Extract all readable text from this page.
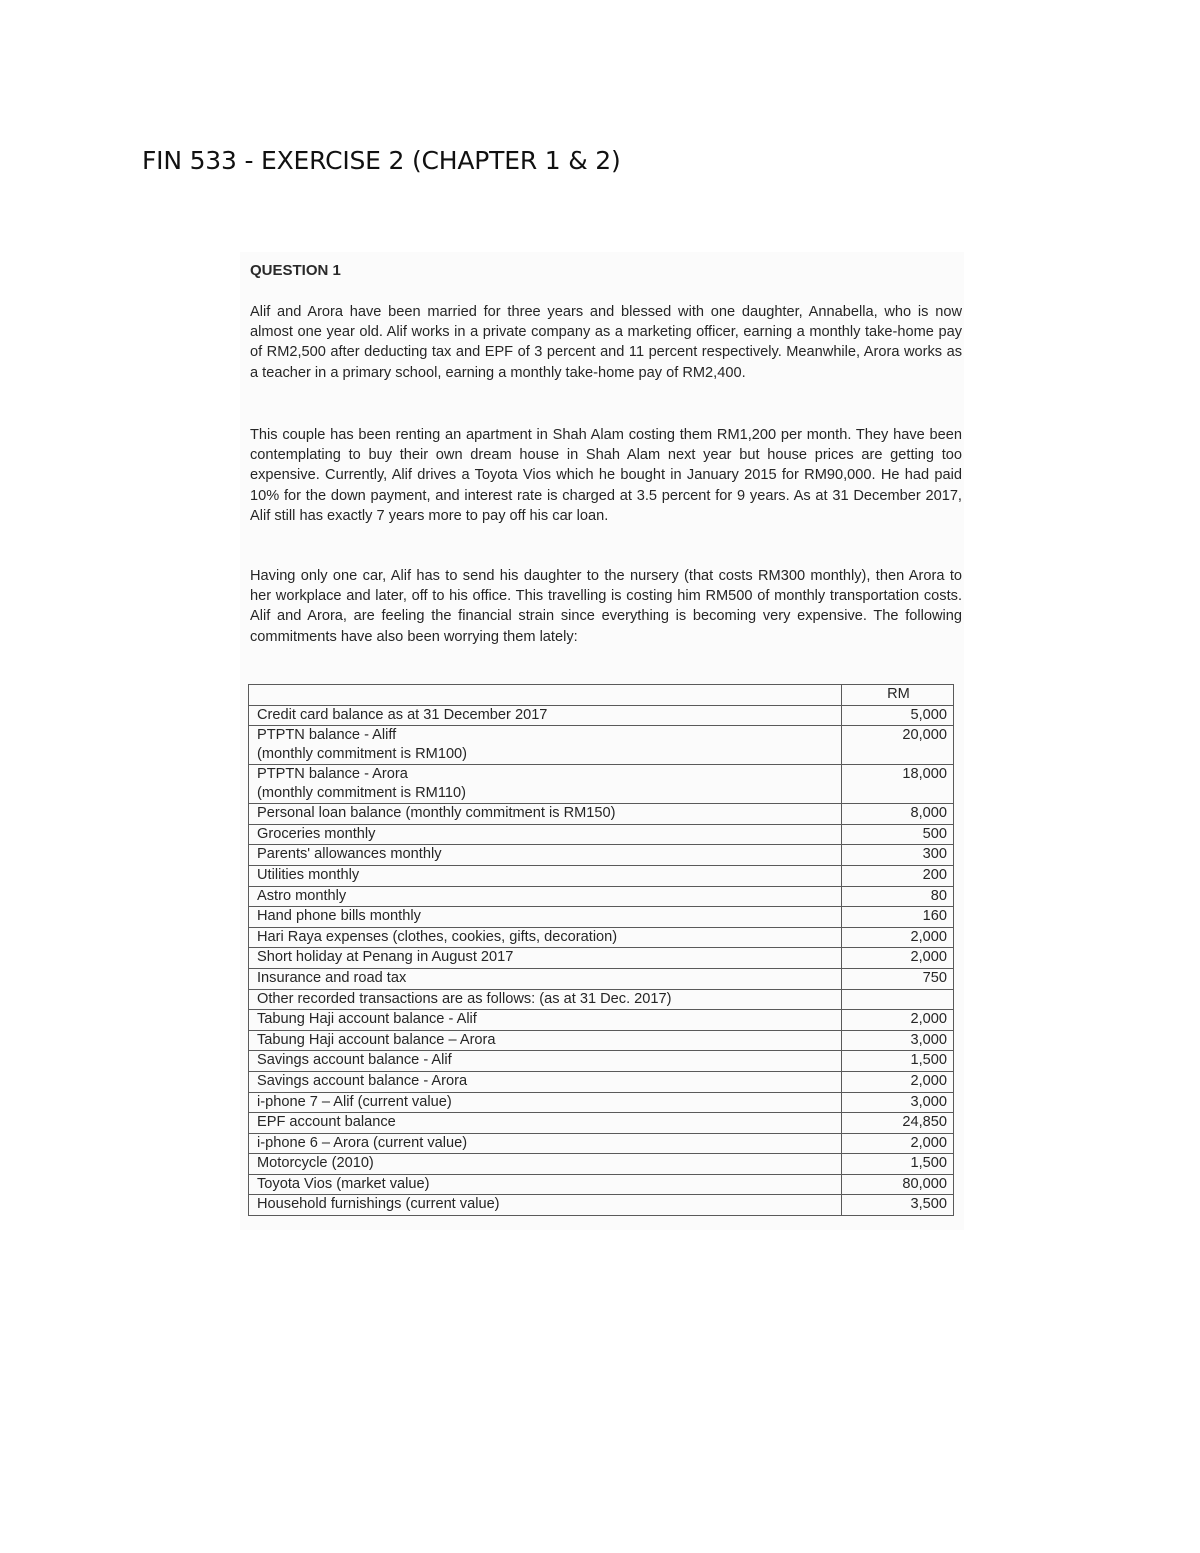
FIN 533 - EXERCISE 2 (CHAPTER 1 & 2)
QUESTION 1

Alif and Arora have been married for three years and blessed with one daughter, Annabella, who is now almost one year old. Alif works in a private company as a marketing officer, earning a monthly take-home pay of RM2,500 after deducting tax and EPF of 3 percent and 11 percent respectively. Meanwhile, Arora works as a teacher in a primary school, earning a monthly take-home pay of RM2,400.

This couple has been renting an apartment in Shah Alam costing them RM1,200 per month. They have been contemplating to buy their own dream house in Shah Alam next year but house prices are getting too expensive. Currently, Alif drives a Toyota Vios which he bought in January 2015 for RM90,000. He had paid 10% for the down payment, and interest rate is charged at 3.5 percent for 9 years. As at 31 December 2017, Alif still has exactly 7 years more to pay off his car loan.

Having only one car, Alif has to send his daughter to the nursery (that costs RM300 monthly), then Arora to her workplace and later, off to his office. This travelling is costing him RM500 of monthly transportation costs. Alif and Arora, are feeling the financial strain since everything is becoming very expensive. The following commitments have also been worrying them lately:

	RM

Credit card balance as at 31 December 2017	5,000

PTPTN balance - Aliff
(monthly commitment is RM100)	20,000

PTPTN balance - Arora
(monthly commitment is RM110)	18,000

Personal loan balance (monthly commitment is RM150)	8,000

Groceries monthly	500

Parents' allowances monthly	300

Utilities monthly	200

Astro monthly	80

Hand phone bills monthly	160

Hari Raya expenses (clothes, cookies, gifts, decoration)	2,000

Short holiday at Penang in August 2017	2,000

Insurance and road tax	750

Other recorded transactions are as follows: (as at 31 Dec. 2017)	

Tabung Haji account balance - Alif	2,000

Tabung Haji account balance – Arora	3,000

Savings account balance - Alif	1,500

Savings account balance - Arora	2,000

i-phone 7 – Alif (current value)	3,000

EPF account balance	24,850

i-phone 6 – Arora (current value)	2,000

Motorcycle (2010)	1,500

Toyota Vios (market value)	80,000

Household furnishings (current value)	3,500
